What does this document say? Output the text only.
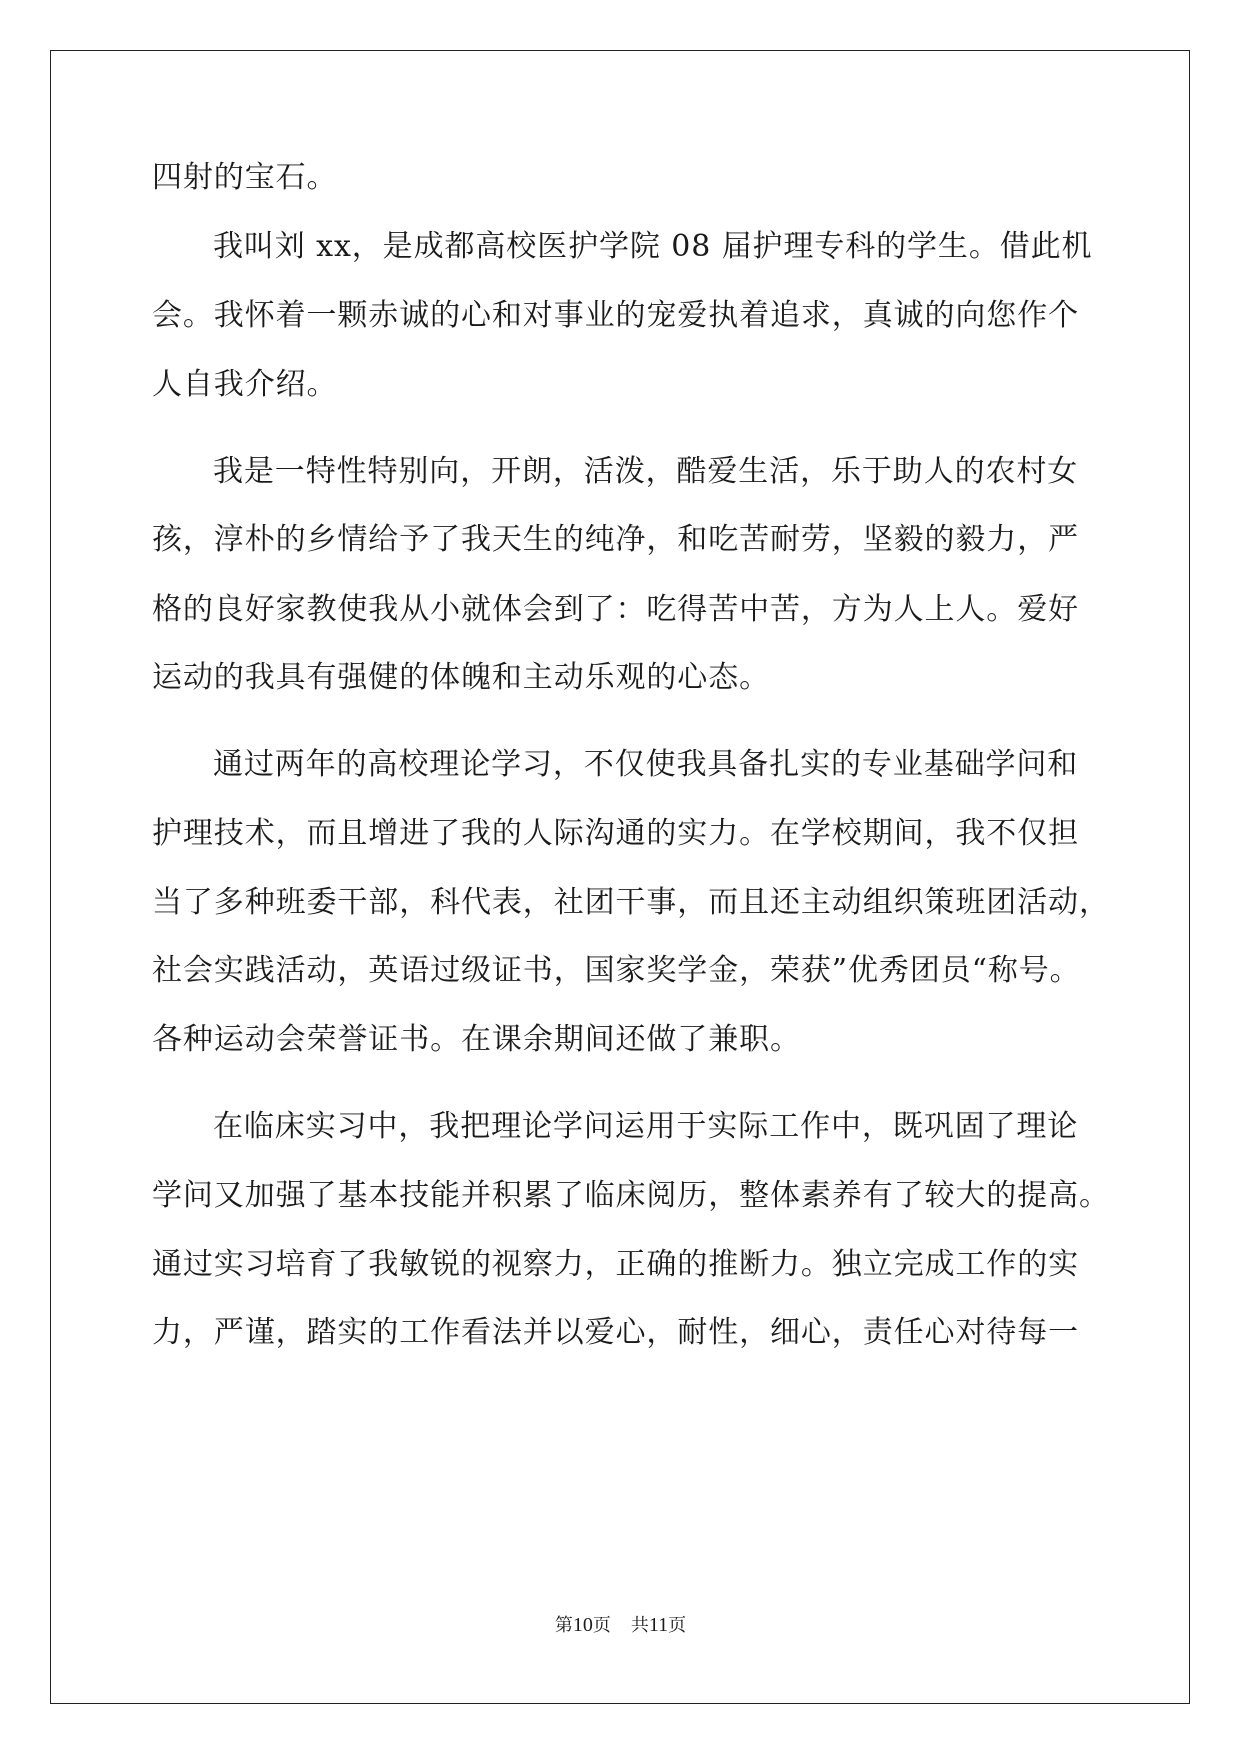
四射的宝石。
我叫刘 xx，是成都高校医护学院 08 届护理专科的学生。借此机
会。我怀着一颗赤诚的心和对事业的宠爱执着追求，真诚的向您作个
人自我介绍。
我是一特性特别向，开朗，活泼，酷爱生活，乐于助人的农村女
孩，淳朴的乡情给予了我天生的纯净，和吃苦耐劳，坚毅的毅力，严
格的良好家教使我从小就体会到了：吃得苦中苦，方为人上人。爱好
运动的我具有强健的体魄和主动乐观的心态。
通过两年的高校理论学习，不仅使我具备扎实的专业基础学问和
护理技术，而且增进了我的人际沟通的实力。在学校期间，我不仅担
当了多种班委干部，科代表，社团干事，而且还主动组织策班团活动，
社会实践活动，英语过级证书，国家奖学金，荣获”优秀团员“称号。
各种运动会荣誉证书。在课余期间还做了兼职。
在临床实习中，我把理论学问运用于实际工作中，既巩固了理论
学问又加强了基本技能并积累了临床阅历，整体素养有了较大的提高。
通过实习培育了我敏锐的视察力，正确的推断力。独立完成工作的实
力，严谨，踏实的工作看法并以爱心，耐性，细心，责任心对待每一
第10页 共11页
